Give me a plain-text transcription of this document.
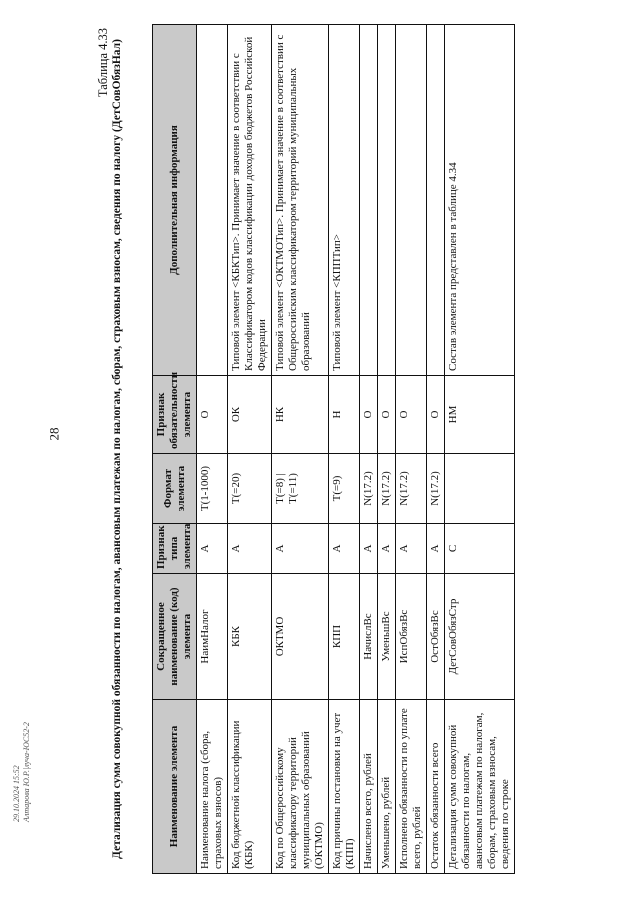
28
Таблица 4.33 Детализация сумм совокупной обязанности по налогам, авансовым платежам по налогам, сборам, страховым взносам, сведения по налогу (ДетСовОбязНал)	Наименование элемента	Сокращенное наименование (код) элемента	Признак типа элемента	Формат элемента	Признак обязательности элемента	Дополнительная информация
Наименование налога (сбора, страховых взносов)	НаимНалог	А	T(1-1000)	О	
Код бюджетной классификации (КБК)	КБК	А	T(=20)	ОК	Типовой элемент <КБКТип>. Принимает значение в соответствии с Классификатором кодов классификации доходов бюджетов Российской Федерации
Код по Общероссийскому классификатору территорий муниципальных образований (ОКТМО)	ОКТМО	А	T(=8) | T(=11)	НК	Типовой элемент <ОКТМОТип>. Принимает значение в соответствии с Общероссийским классификатором территорий муниципальных образований
Код причины постановки на учет (КПП)	КПП	А	T(=9)	Н	Типовой элемент <КППТип>
Начислено всего, рублей	НачислВс	А	N(17.2)	О	
Уменьшено, рублей	УменьшВс	А	N(17.2)	О	
Исполнено обязанности по уплате всего, рублей	ИспОбязВс	А	N(17.2)	О	
Остаток обязанности всего	ОстОбязВс	А	N(17.2)	О	
Детализация сумм совокупной обязанности по налогам, авансовым платежам по налогам, сборам, страховым взносам, сведения по строке	ДетСовОбязСтр	С		НМ	Состав элемента представлен в таблице 4.34
29.10.2024 15:52 Алтарова Ю.Р.|луча-ЮС52-2
